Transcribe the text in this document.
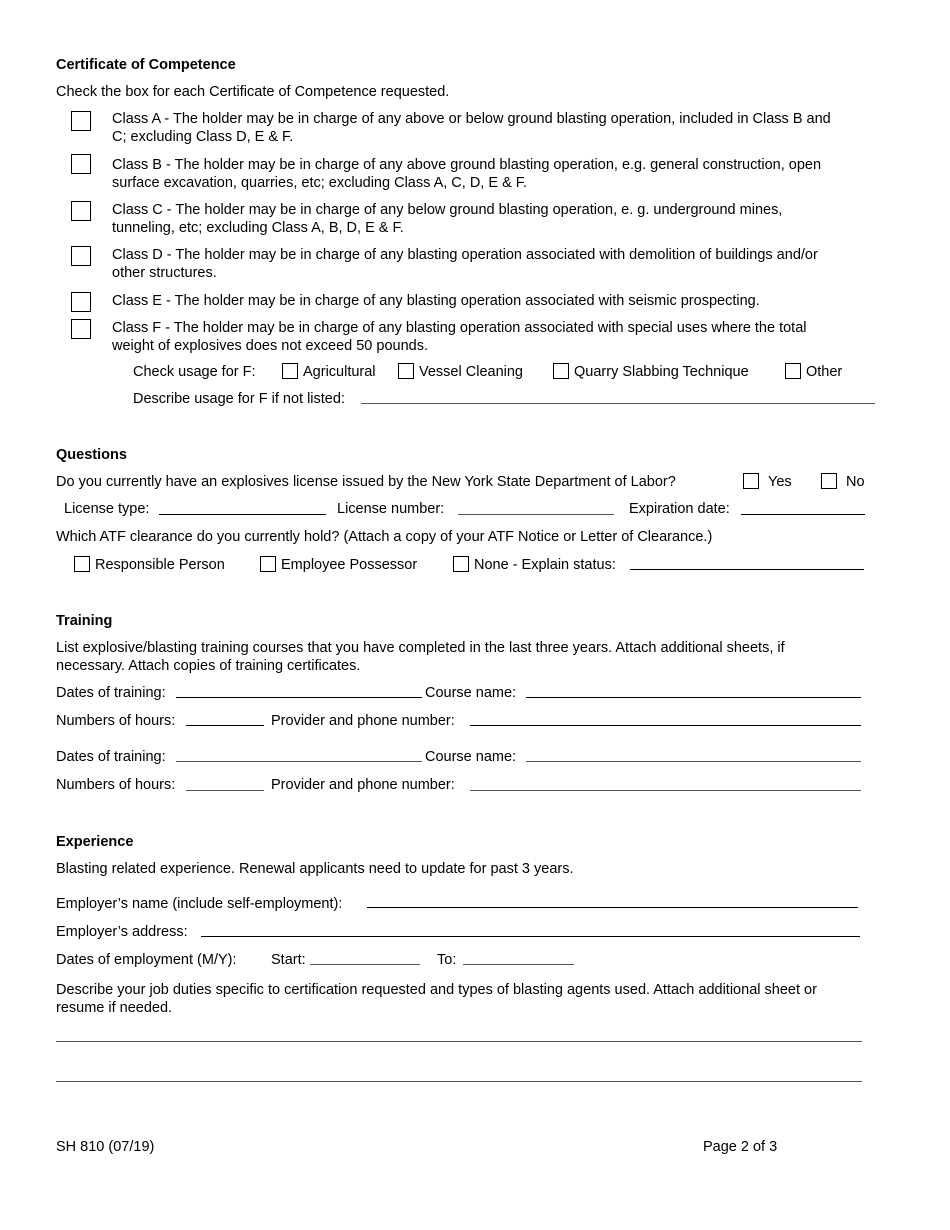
Certificate of Competence
Check the box for each Certificate of Competence requested.
Class A - The holder may be in charge of any above or below ground blasting operation, included in Class B and
C; excluding Class D, E & F.
Class B - The holder may be in charge of any above ground blasting operation, e.g. general construction, open
surface excavation, quarries, etc; excluding Class A, C, D, E & F.
Class C - The holder may be in charge of any below ground blasting operation, e. g. underground mines,
tunneling, etc; excluding Class A, B, D, E & F.
Class D - The holder may be in charge of any blasting operation associated with demolition of buildings and/or
other structures.
Class E - The holder may be in charge of any blasting operation associated with seismic prospecting.
Class F - The holder may be in charge of any blasting operation associated with special uses where the total
weight of explosives does not exceed 50 pounds.
Check usage for F:	Agricultural	Vessel Cleaning	Quarry Slabbing Technique	Other
Describe usage for F if not listed:
Questions
Do you currently have an explosives license issued by the New York State Department of Labor?	Yes	No
License type:	License number:	Expiration date:
Which ATF clearance do you currently hold? (Attach a copy of your ATF Notice or Letter of Clearance.)
Responsible Person	Employee Possessor	None - Explain status:
Training
List explosive/blasting training courses that you have completed in the last three years. Attach additional sheets, if
necessary. Attach copies of training certificates.
Dates of training:	Course name:
Numbers of hours:	Provider and phone number:
Dates of training:	Course name:
Numbers of hours:	Provider and phone number:
Experience
Blasting related experience. Renewal applicants need to update for past 3 years.
Employer’s name (include self-employment):
Employer’s address:
Dates of employment (M/Y): Start:	To:
Describe your job duties specific to certification requested and types of blasting agents used. Attach additional sheet or
resume if needed.
SH 810 (07/19)	Page 2 of 3
